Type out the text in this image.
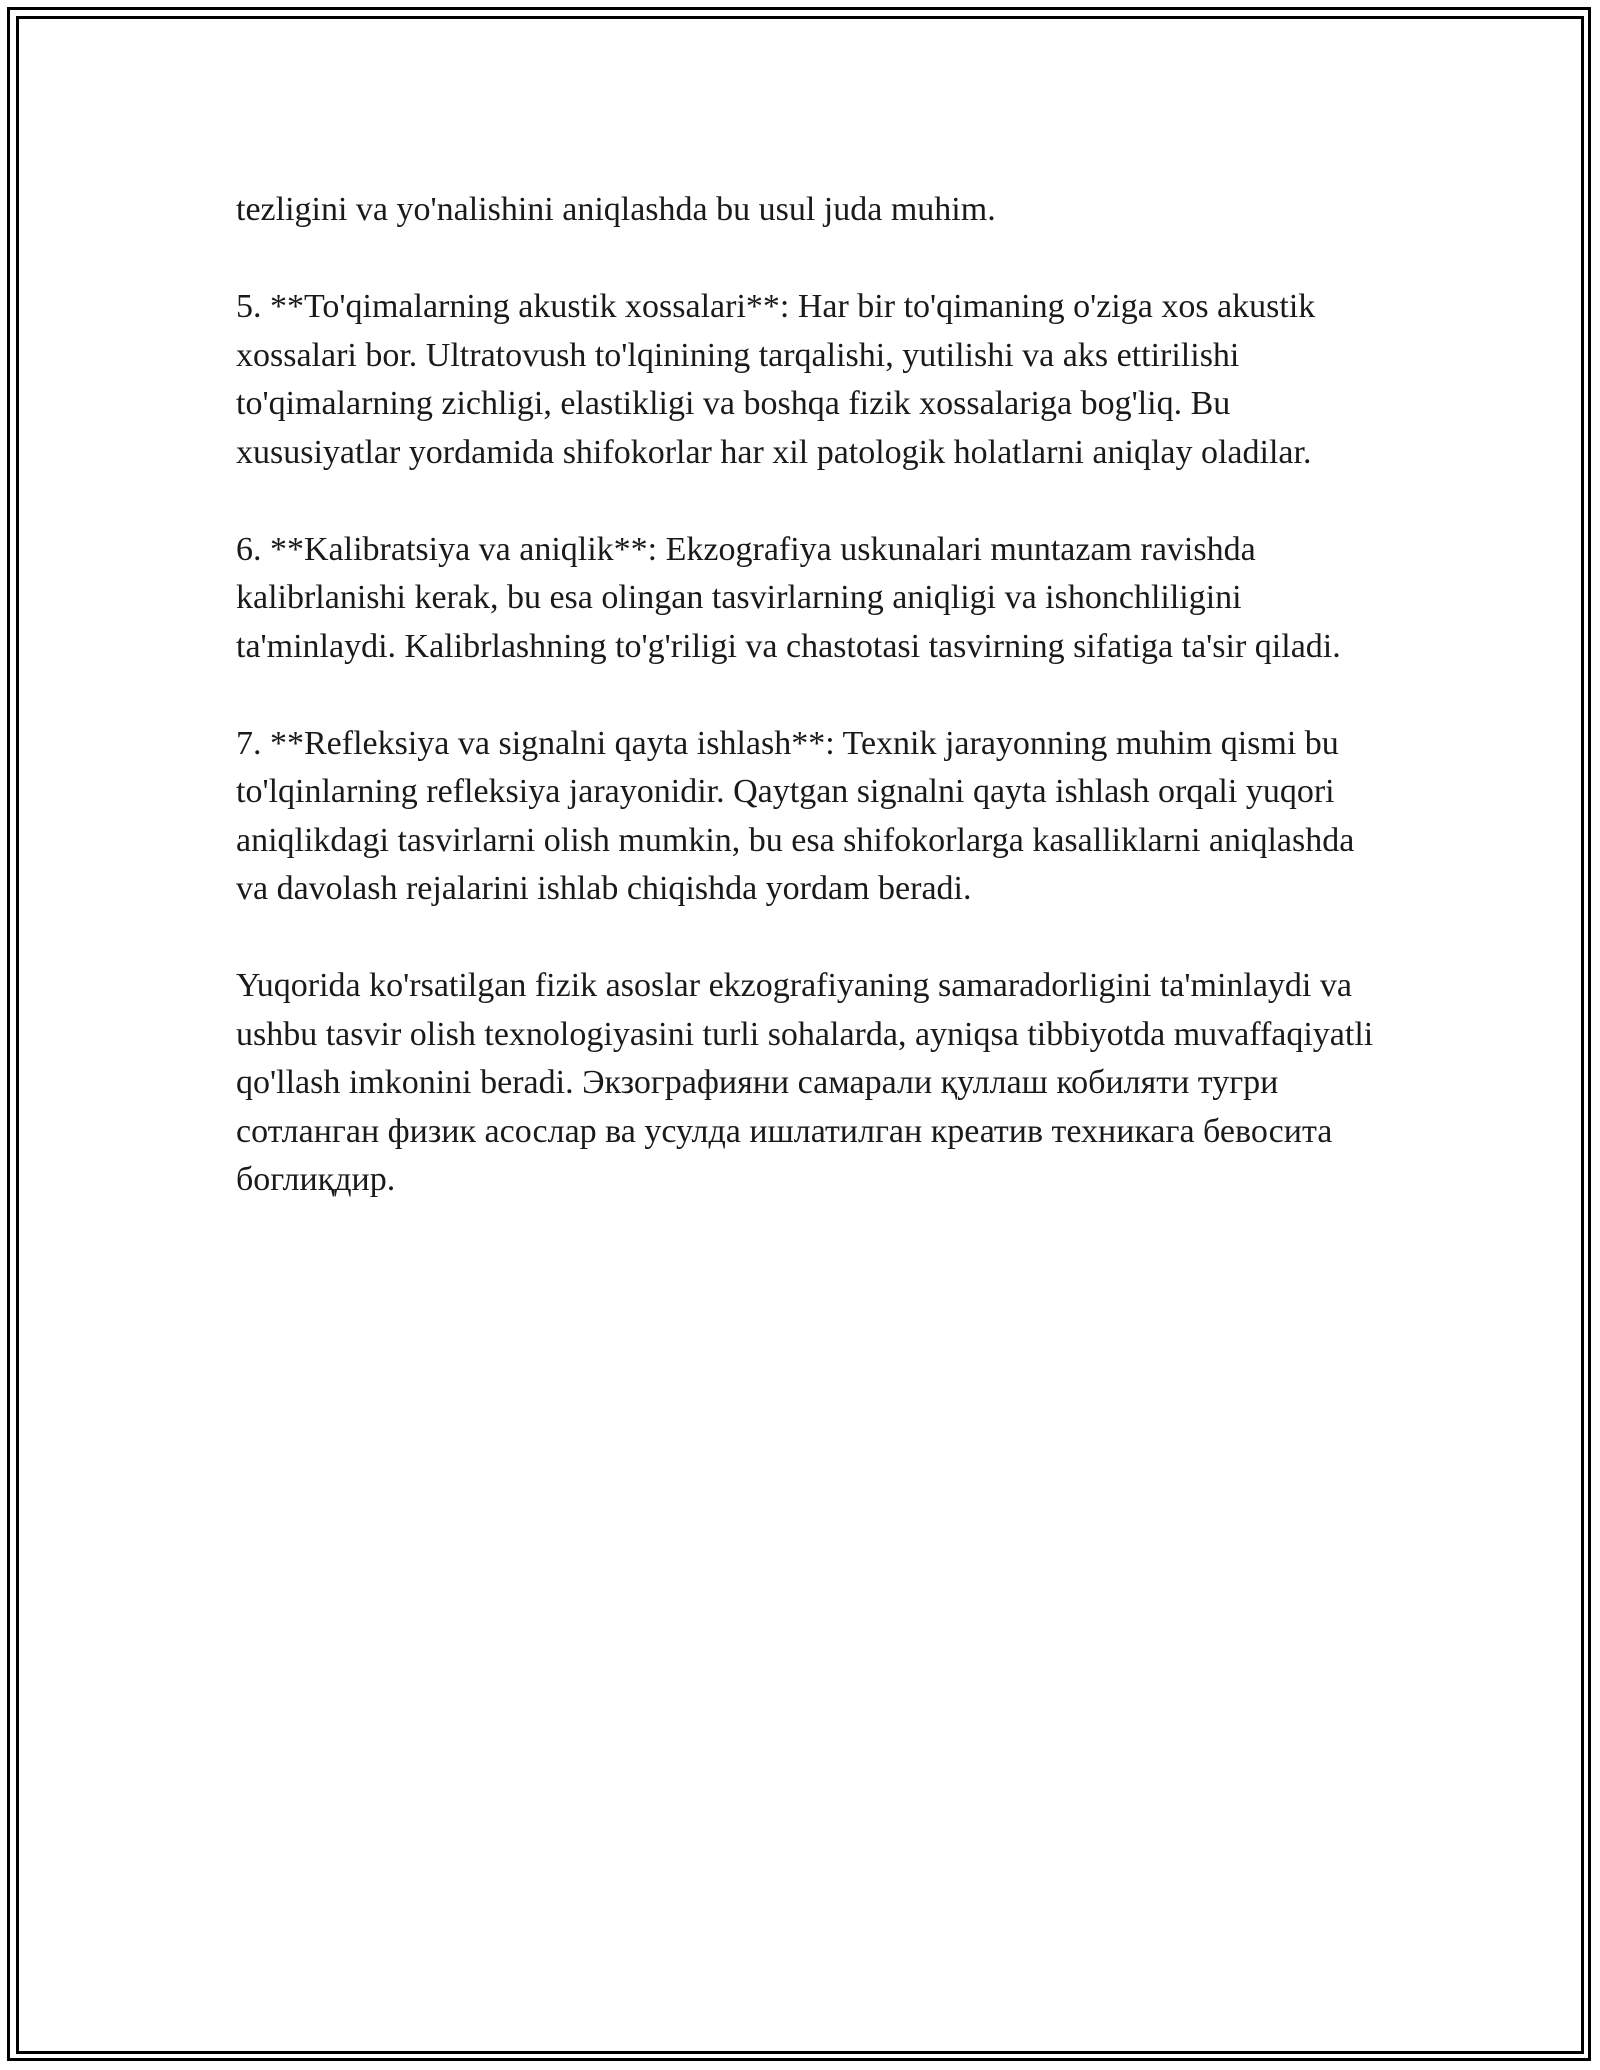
tezligini va yo'nalishini aniqlashda bu usul juda muhim.

5. **To'qimalarning akustik xossalari**: Har bir to'qimaning o'ziga xos akustik xossalari bor. Ultratovush to'lqinining tarqalishi, yutilishi va aks ettirilishi to'qimalarning zichligi, elastikligi va boshqa fizik xossalariga bog'liq. Bu xususiyatlar yordamida shifokorlar har xil patologik holatlarni aniqlay oladilar.

6. **Kalibratsiya va aniqlik**: Ekzografiya uskunalari muntazam ravishda kalibrlanishi kerak, bu esa olingan tasvirlarning aniqligi va ishonchliligini ta'minlaydi. Kalibrlashning to'g'riligi va chastotasi tasvirning sifatiga ta'sir qiladi.

7. **Refleksiya va signalni qayta ishlash**: Texnik jarayonning muhim qismi bu to'lqinlarning refleksiya jarayonidir. Qaytgan signalni qayta ishlash orqali yuqori aniqlikdagi tasvirlarni olish mumkin, bu esa shifokorlarga kasalliklarni aniqlashda va davolash rejalarini ishlab chiqishda yordam beradi.

Yuqorida ko'rsatilgan fizik asoslar ekzografiyaning samaradorligini ta'minlaydi va ushbu tasvir olish texnologiyasini turli sohalarda, ayniqsa tibbiyotda muvaffaqiyatli qo'llash imkonini beradi. Экзографияни самарали қуллаш кобиляти тугри сотланган физик асослар ва усулда ишлатилган креатив техникага бевосита боглиқдир.
